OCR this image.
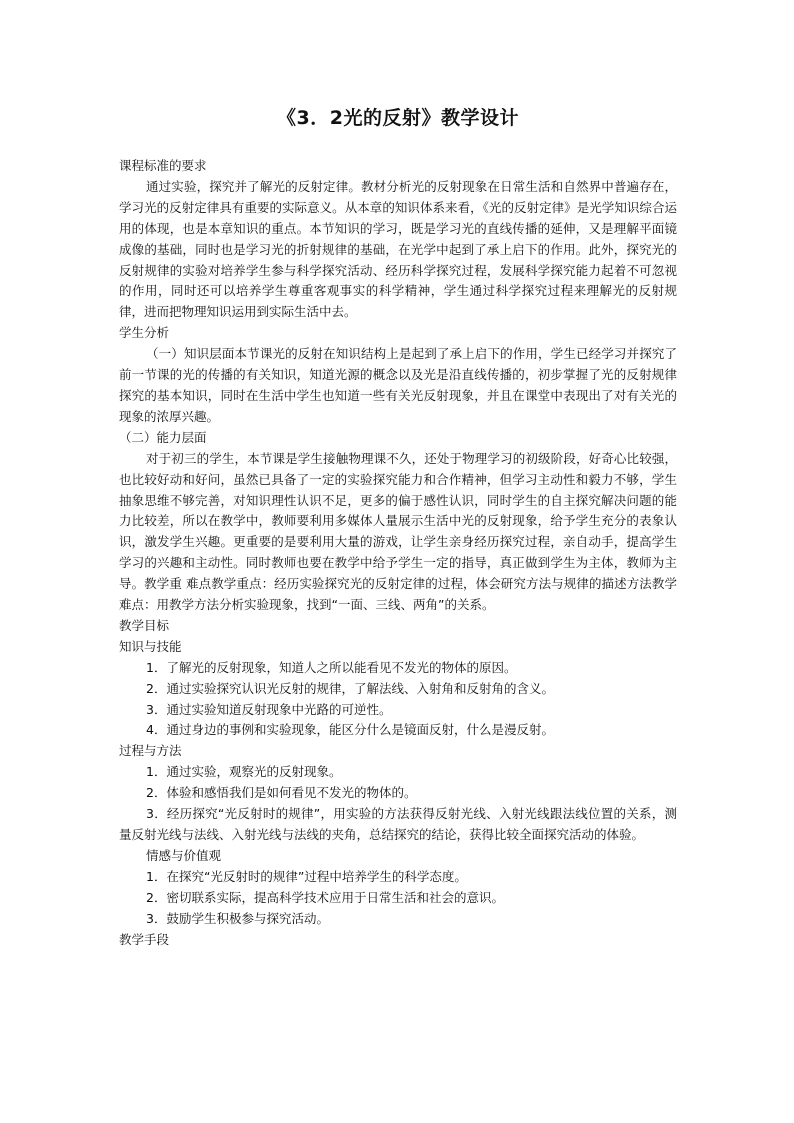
《3．2光的反射》教学设计
课程标准的要求
通过实验，探究并了解光的反射定律。教材分析光的反射现象在日常生活和自然界中普遍存在，学习光的反射定律具有重要的实际意义。从本章的知识体系来看，《光的反射定律》是光学知识综合运用的体现，也是本章知识的重点。本节知识的学习，既是学习光的直线传播的延伸，又是理解平面镜成像的基础，同时也是学习光的折射规律的基础，在光学中起到了承上启下的作用。此外，探究光的反射规律的实验对培养学生参与科学探究活动、经历科学探究过程，发展科学探究能力起着不可忽视的作用，同时还可以培养学生尊重客观事实的科学精神，学生通过科学探究过程来理解光的反射规律，进而把物理知识运用到实际生活中去。
学生分析
（一）知识层面本节课光的反射在知识结构上是起到了承上启下的作用，学生已经学习并探究了前一节课的光的传播的有关知识，知道光源的概念以及光是沿直线传播的，初步掌握了光的反射规律探究的基本知识，同时在生活中学生也知道一些有关光反射现象，并且在课堂中表现出了对有关光的现象的浓厚兴趣。
（二）能力层面
对于初三的学生，本节课是学生接触物理课不久，还处于物理学习的初级阶段，好奇心比较强，也比较好动和好问，虽然已具备了一定的实验探究能力和合作精神，但学习主动性和毅力不够，学生抽象思维不够完善，对知识理性认识不足，更多的偏于感性认识，同时学生的自主探究解决问题的能力比较差，所以在教学中，教师要利用多媒体人量展示生活中光的反射现象，给予学生充分的表象认识，激发学生兴趣。更重要的是要利用大量的游戏，让学生亲身经历探究过程，亲自动手，提高学生学习的兴趣和主动性。同时教师也要在教学中给予学生一定的指导，真正做到学生为主体，教师为主导。教学重 难点教学重点：经历实验探究光的反射定律的过程，体会研究方法与规律的描述方法教学难点：用教学方法分析实验现象，找到“一面、三线、两角”的关系。
教学目标
知识与技能
1．了解光的反射现象，知道人之所以能看见不发光的物体的原因。
2．通过实验探究认识光反射的规律，了解法线、入射角和反射角的含义。
3．通过实验知道反射现象中光路的可逆性。
4．通过身边的事例和实验现象，能区分什么是镜面反射，什么是漫反射。
过程与方法
1．通过实验，观察光的反射现象。
2．体验和感悟我们是如何看见不发光的物体的。
3．经历探究“光反射时的规律”，用实验的方法获得反射光线、入射光线跟法线位置的关系，测量反射光线与法线、入射光线与法线的夹角，总结探究的结论，获得比较全面探究活动的体验。
情感与价值观
1．在探究“光反射时的规律”过程中培养学生的科学态度。
2．密切联系实际，提高科学技术应用于日常生活和社会的意识。
3．鼓励学生积极参与探究活动。
教学手段
